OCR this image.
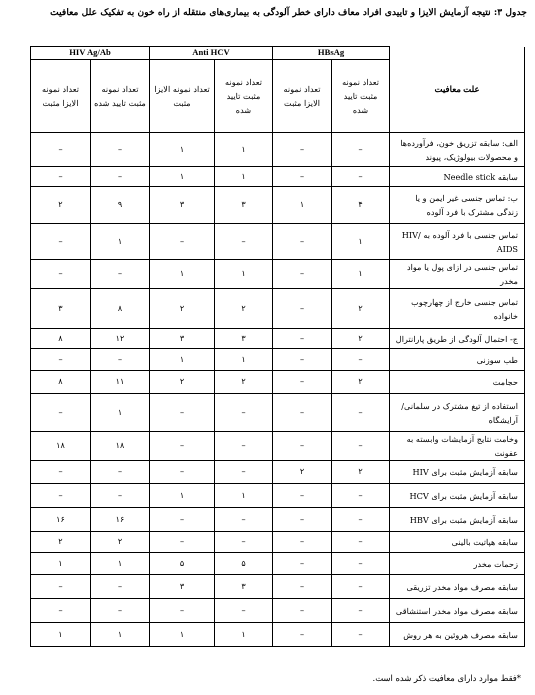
جدول ۳: نتیجه آزمایش الایزا و تاییدی افراد معاف دارای خطر آلودگی به بیماری‌های منتقله از راه خون به تفکیک علل معافیت
علت معافیت	HBsAg		Anti HCV		HIV Ag/Ab	
	تعداد نمونه مثبت تایید شده	تعداد نمونه الایزا مثبت	تعداد نمونه مثبت تایید شده	تعداد نمونه الایزا مثبت	تعداد نمونه مثبت تایید شده	تعداد نمونه الایزا مثبت
الف: سابقه تزریق خون، فرآورده‌ها و محصولات بیولوژیک، پیوند	–	–	۱	۱	–	–
سابقه Needle stick	–	–	۱	۱	–	–
ب: تماس جنسی غیر ایمن و یا زندگی مشترک با فرد آلوده	۴	۱	۳	۳	۹	۲
تماس جنسی با فرد آلوده به HIV/ AIDS	۱	–	–	–	۱	–
تماس جنسی در ازای پول یا مواد مخدر	۱	–	۱	۱	–	–
تماس جنسی خارج از چهارچوب خانواده	۲	–	۲	۲	۸	۳
ج- احتمال آلودگی از طریق پارانترال	۲	–	۳	۳	۱۲	۸
طب سوزنی	–	–	۱	۱	–	–
حجامت	۲	–	۲	۲	۱۱	۸
استفاده از تیغ مشترک در سلمانی/ آرایشگاه	–	–	–	–	۱	–
وخامت نتایج آزمایشات وابسته به عفونت	–	–	–	–	۱۸	۱۸
سابقه آزمایش مثبت برای HIV	۲	۲	–	–	–	–
سابقه آزمایش مثبت برای HCV	–	–	۱	۱	–	–
سابقه آزمایش مثبت برای HBV	–	–	–	–	۱۶	۱۶
سابقه هپاتیت بالینی	–	–	–	–	۲	۲
زحمات مخدر	–	–	۵	۵	۱	۱
سابقه مصرف مواد مخدر تزریقی	–	–	۳	۳	–	–
سابقه مصرف مواد مخدر استنشاقی	–	–	–	–	–	–
سابقه مصرف هروئین به هر روش	–	–	۱	۱	۱	۱
*فقط موارد دارای معافیت ذکر شده است.
